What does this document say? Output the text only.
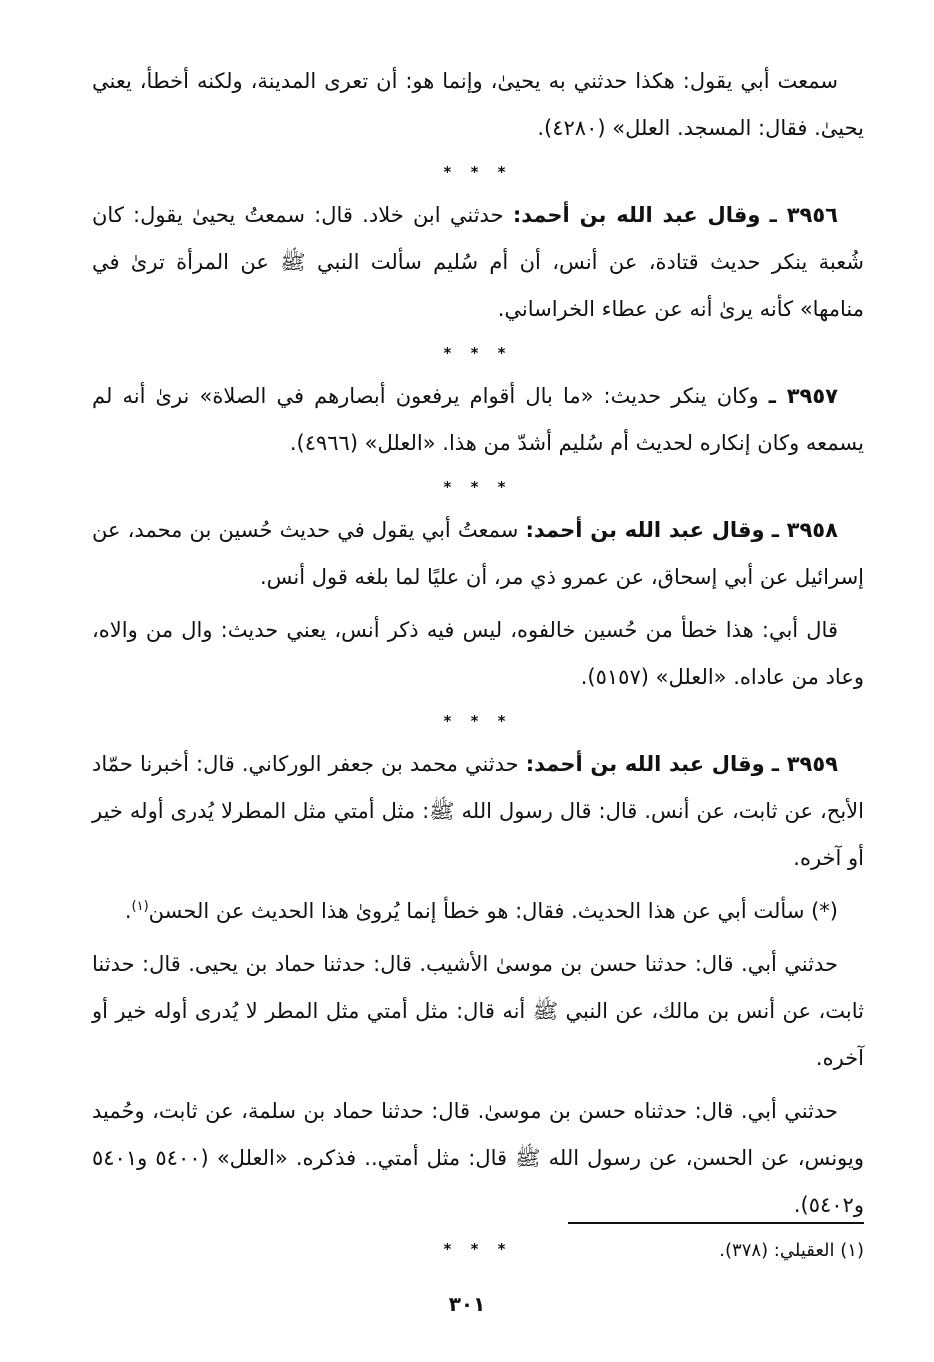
سمعت أبي يقول: هكذا حدثني به يحيىٰ، وإنما هو: أن تعرى المدينة، ولكنه أخطأ، يعني يحيىٰ. فقال: المسجد. العلل» (٤٢٨٠).

* * *

٣٩٥٦ ـ وقال عبد الله بن أحمد: حدثني ابن خلاد. قال: سمعتُ يحيىٰ يقول: كان شُعبة ينكر حديث قتادة، عن أنس، أن أم سُليم سألت النبي ﷺ عن المرأة ترىٰ في منامها» كأنه يرىٰ أنه عن عطاء الخراساني.

* * *

٣٩٥٧ ـ وكان ينكر حديث: «ما بال أقوام يرفعون أبصارهم في الصلاة» نرىٰ أنه لم يسمعه وكان إنكاره لحديث أم سُليم أشدّ من هذا. «العلل» (٤٩٦٦).

* * *

٣٩٥٨ ـ وقال عبد الله بن أحمد: سمعتُ أبي يقول في حديث حُسين بن محمد، عن إسرائيل عن أبي إسحاق، عن عمرو ذي مر، أن عليًا لما بلغه قول أنس.

قال أبي: هذا خطأ من حُسين خالفوه، ليس فيه ذكر أنس، يعني حديث: وال من والاه، وعاد من عاداه. «العلل» (٥١٥٧).

* * *

٣٩٥٩ ـ وقال عبد الله بن أحمد: حدثني محمد بن جعفر الوركاني. قال: أخبرنا حمّاد الأبح، عن ثابت، عن أنس. قال: قال رسول الله ﷺ: مثل أمتي مثل المطرلا يُدرى أوله خير أو آخره.

(*) سألت أبي عن هذا الحديث. فقال: هو خطأ إنما يُروىٰ هذا الحديث عن الحسن$^{(١)}$.

حدثني أبي. قال: حدثنا حسن بن موسىٰ الأشيب. قال: حدثنا حماد بن يحيى. قال: حدثنا ثابت، عن أنس بن مالك، عن النبي ﷺ أنه قال: مثل أمتي مثل المطر لا يُدرى أوله خير أو آخره.

حدثني أبي. قال: حدثناه حسن بن موسىٰ. قال: حدثنا حماد بن سلمة، عن ثابت، وحُميد ويونس، عن الحسن، عن رسول الله ﷺ قال: مثل أمتي.. فذكره. «العلل» (٥٤٠٠ و٥٤٠١ و٥٤٠٢).

* * *	(١) العقيلي: (٣٧٨).
٣٠١
